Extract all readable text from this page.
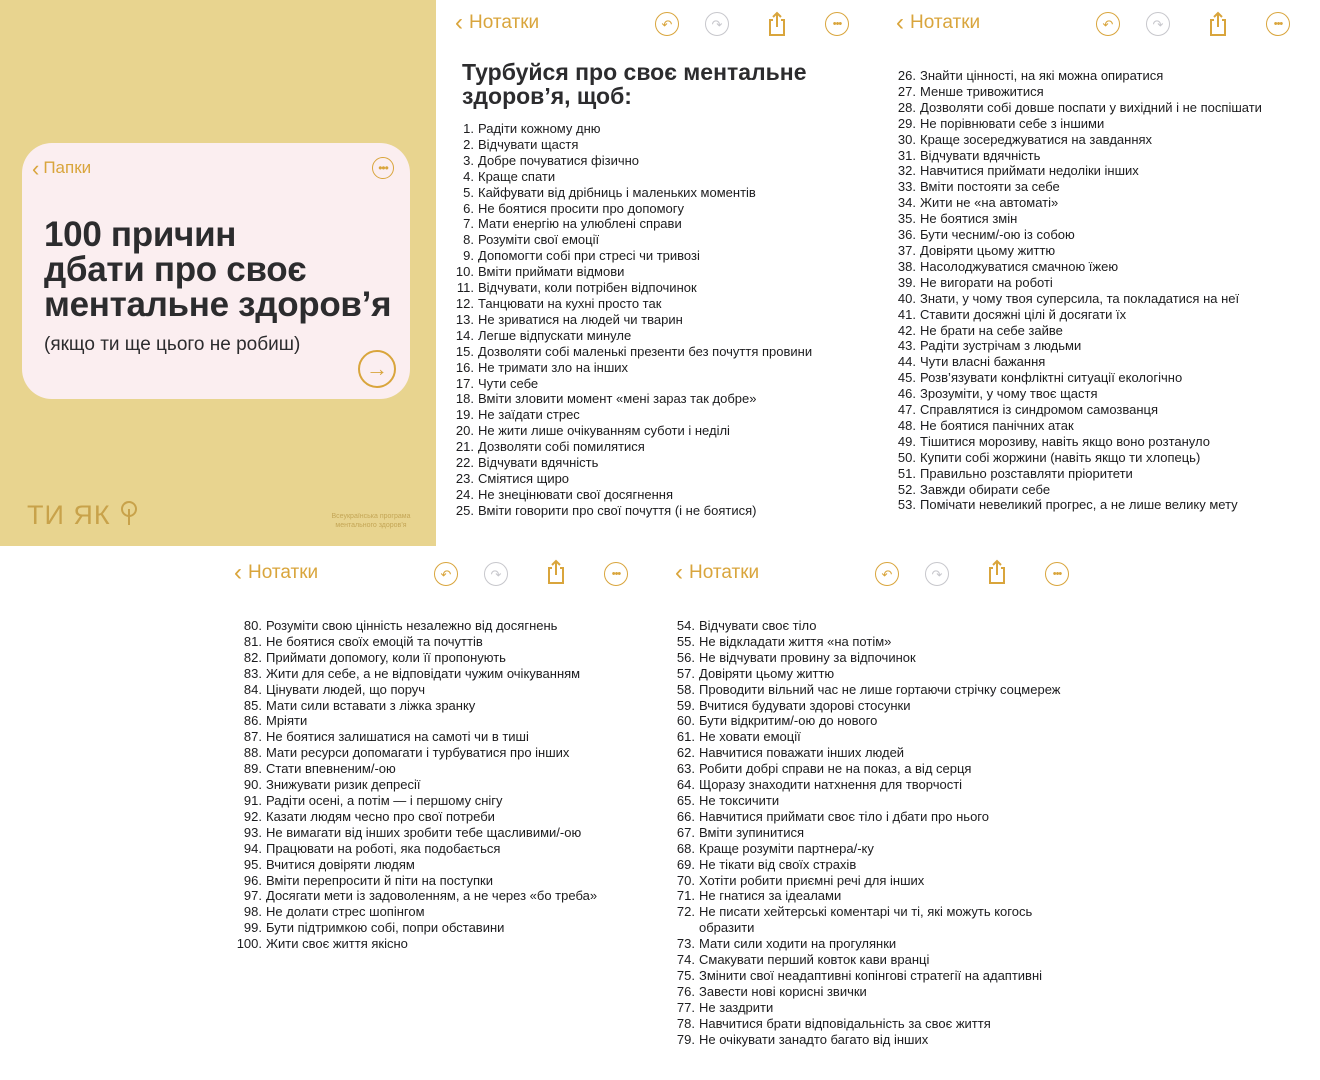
‹ Папки	•••
100 причин
дбати про своє
ментальне здоров’я
(якщо ти ще цього не робиш)
→
ТИ ЯК	Всеукраїнська програма ментального здоров’я
‹ Нотатки	↶	↷	•••
Турбуйся про своє ментальне здоров’я, щоб:
1. Радіти кожному дню
2. Відчувати щастя
3. Добре почуватися фізично
4. Краще спати
5. Кайфувати від дрібниць і маленьких моментів
6. Не боятися просити про допомогу
7. Мати енергію на улюблені справи
8. Розуміти свої емоції
9. Допомогти собі при стресі чи тривозі
10. Вміти приймати відмови
11. Відчувати, коли потрібен відпочинок
12. Танцювати на кухні просто так
13. Не зриватися на людей чи тварин
14. Легше відпускати минуле
15. Дозволяти собі маленькі презенти без почуття провини
16. Не тримати зло на інших
17. Чути себе
18. Вміти зловити момент «мені зараз так добре»
19. Не заїдати стрес
20. Не жити лише очікуванням суботи і неділі
21. Дозволяти собі помилятися
22. Відчувати вдячність
23. Сміятися щиро
24. Не знецінювати свої досягнення
25. Вміти говорити про свої почуття (і не боятися)
‹ Нотатки	↶	↷	•••
26. Знайти цінності, на які можна опиратися
27. Менше тривожитися
28. Дозволяти собі довше поспати у вихідний і не поспішати
29. Не порівнювати себе з іншими
30. Краще зосереджуватися на завданнях
31. Відчувати вдячність
32. Навчитися приймати недоліки інших
33. Вміти постояти за себе
34. Жити не «на автоматі»
35. Не боятися змін
36. Бути чесним/-ою із собою
37. Довіряти цьому життю
38. Насолоджуватися смачною їжею
39. Не вигорати на роботі
40. Знати, у чому твоя суперсила, та покладатися на неї
41. Ставити досяжні цілі й досягати їх
42. Не брати на себе зайве
43. Радіти зустрічам з людьми
44. Чути власні бажання
45. Розв’язувати конфліктні ситуації екологічно
46. Зрозуміти, у чому твоє щастя
47. Справлятися із синдромом самозванця
48. Не боятися панічних атак
49. Тішитися морозиву, навіть якщо воно розтануло
50. Купити собі жоржини (навіть якщо ти хлопець)
51. Правильно розставляти пріоритети
52. Завжди обирати себе
53. Помічати невеликий прогрес, а не лише велику мету
‹ Нотатки	↶	↷	•••
80. Розуміти свою цінність незалежно від досягнень
81. Не боятися своїх емоцій та почуттів
82. Приймати допомогу, коли її пропонують
83. Жити для себе, а не відповідати чужим очікуванням
84. Цінувати людей, що поруч
85. Мати сили вставати з ліжка зранку
86. Мріяти
87. Не боятися залишатися на самоті чи в тиші
88. Мати ресурси допомагати і турбуватися про інших
89. Стати впевненим/-ою
90. Знижувати ризик депресії
91. Радіти осені, а потім — і першому снігу
92. Казати людям чесно про свої потреби
93. Не вимагати від інших зробити тебе щасливими/-ою
94. Працювати на роботі, яка подобається
95. Вчитися довіряти людям
96. Вміти перепросити й піти на поступки
97. Досягати мети із задоволенням, а не через «бо треба»
98. Не долати стрес шопінгом
99. Бути підтримкою собі, попри обставини
100. Жити своє життя якісно
‹ Нотатки	↶	↷	•••
54. Відчувати своє тіло
55. Не відкладати життя «на потім»
56. Не відчувати провину за відпочинок
57. Довіряти цьому життю
58. Проводити вільний час не лише гортаючи стрічку соцмереж
59. Вчитися будувати здорові стосунки
60. Бути відкритим/-ою до нового
61. Не ховати емоції
62. Навчитися поважати інших людей
63. Робити добрі справи не на показ, а від серця
64. Щоразу знаходити натхнення для творчості
65. Не токсичити
66. Навчитися приймати своє тіло і дбати про нього
67. Вміти зупинитися
68. Краще розуміти партнера/-ку
69. Не тікати від своїх страхів
70. Хотіти робити приємні речі для інших
71. Не гнатися за ідеалами
72. Не писати хейтерські коментарі чи ті, які можуть когось
образити
73. Мати сили ходити на прогулянки
74. Смакувати перший ковток кави вранці
75. Змінити свої неадаптивні копінгові стратегії на адаптивні
76. Завести нові корисні звички
77. Не заздрити
78. Навчитися брати відповідальність за своє життя
79. Не очікувати занадто багато від інших
